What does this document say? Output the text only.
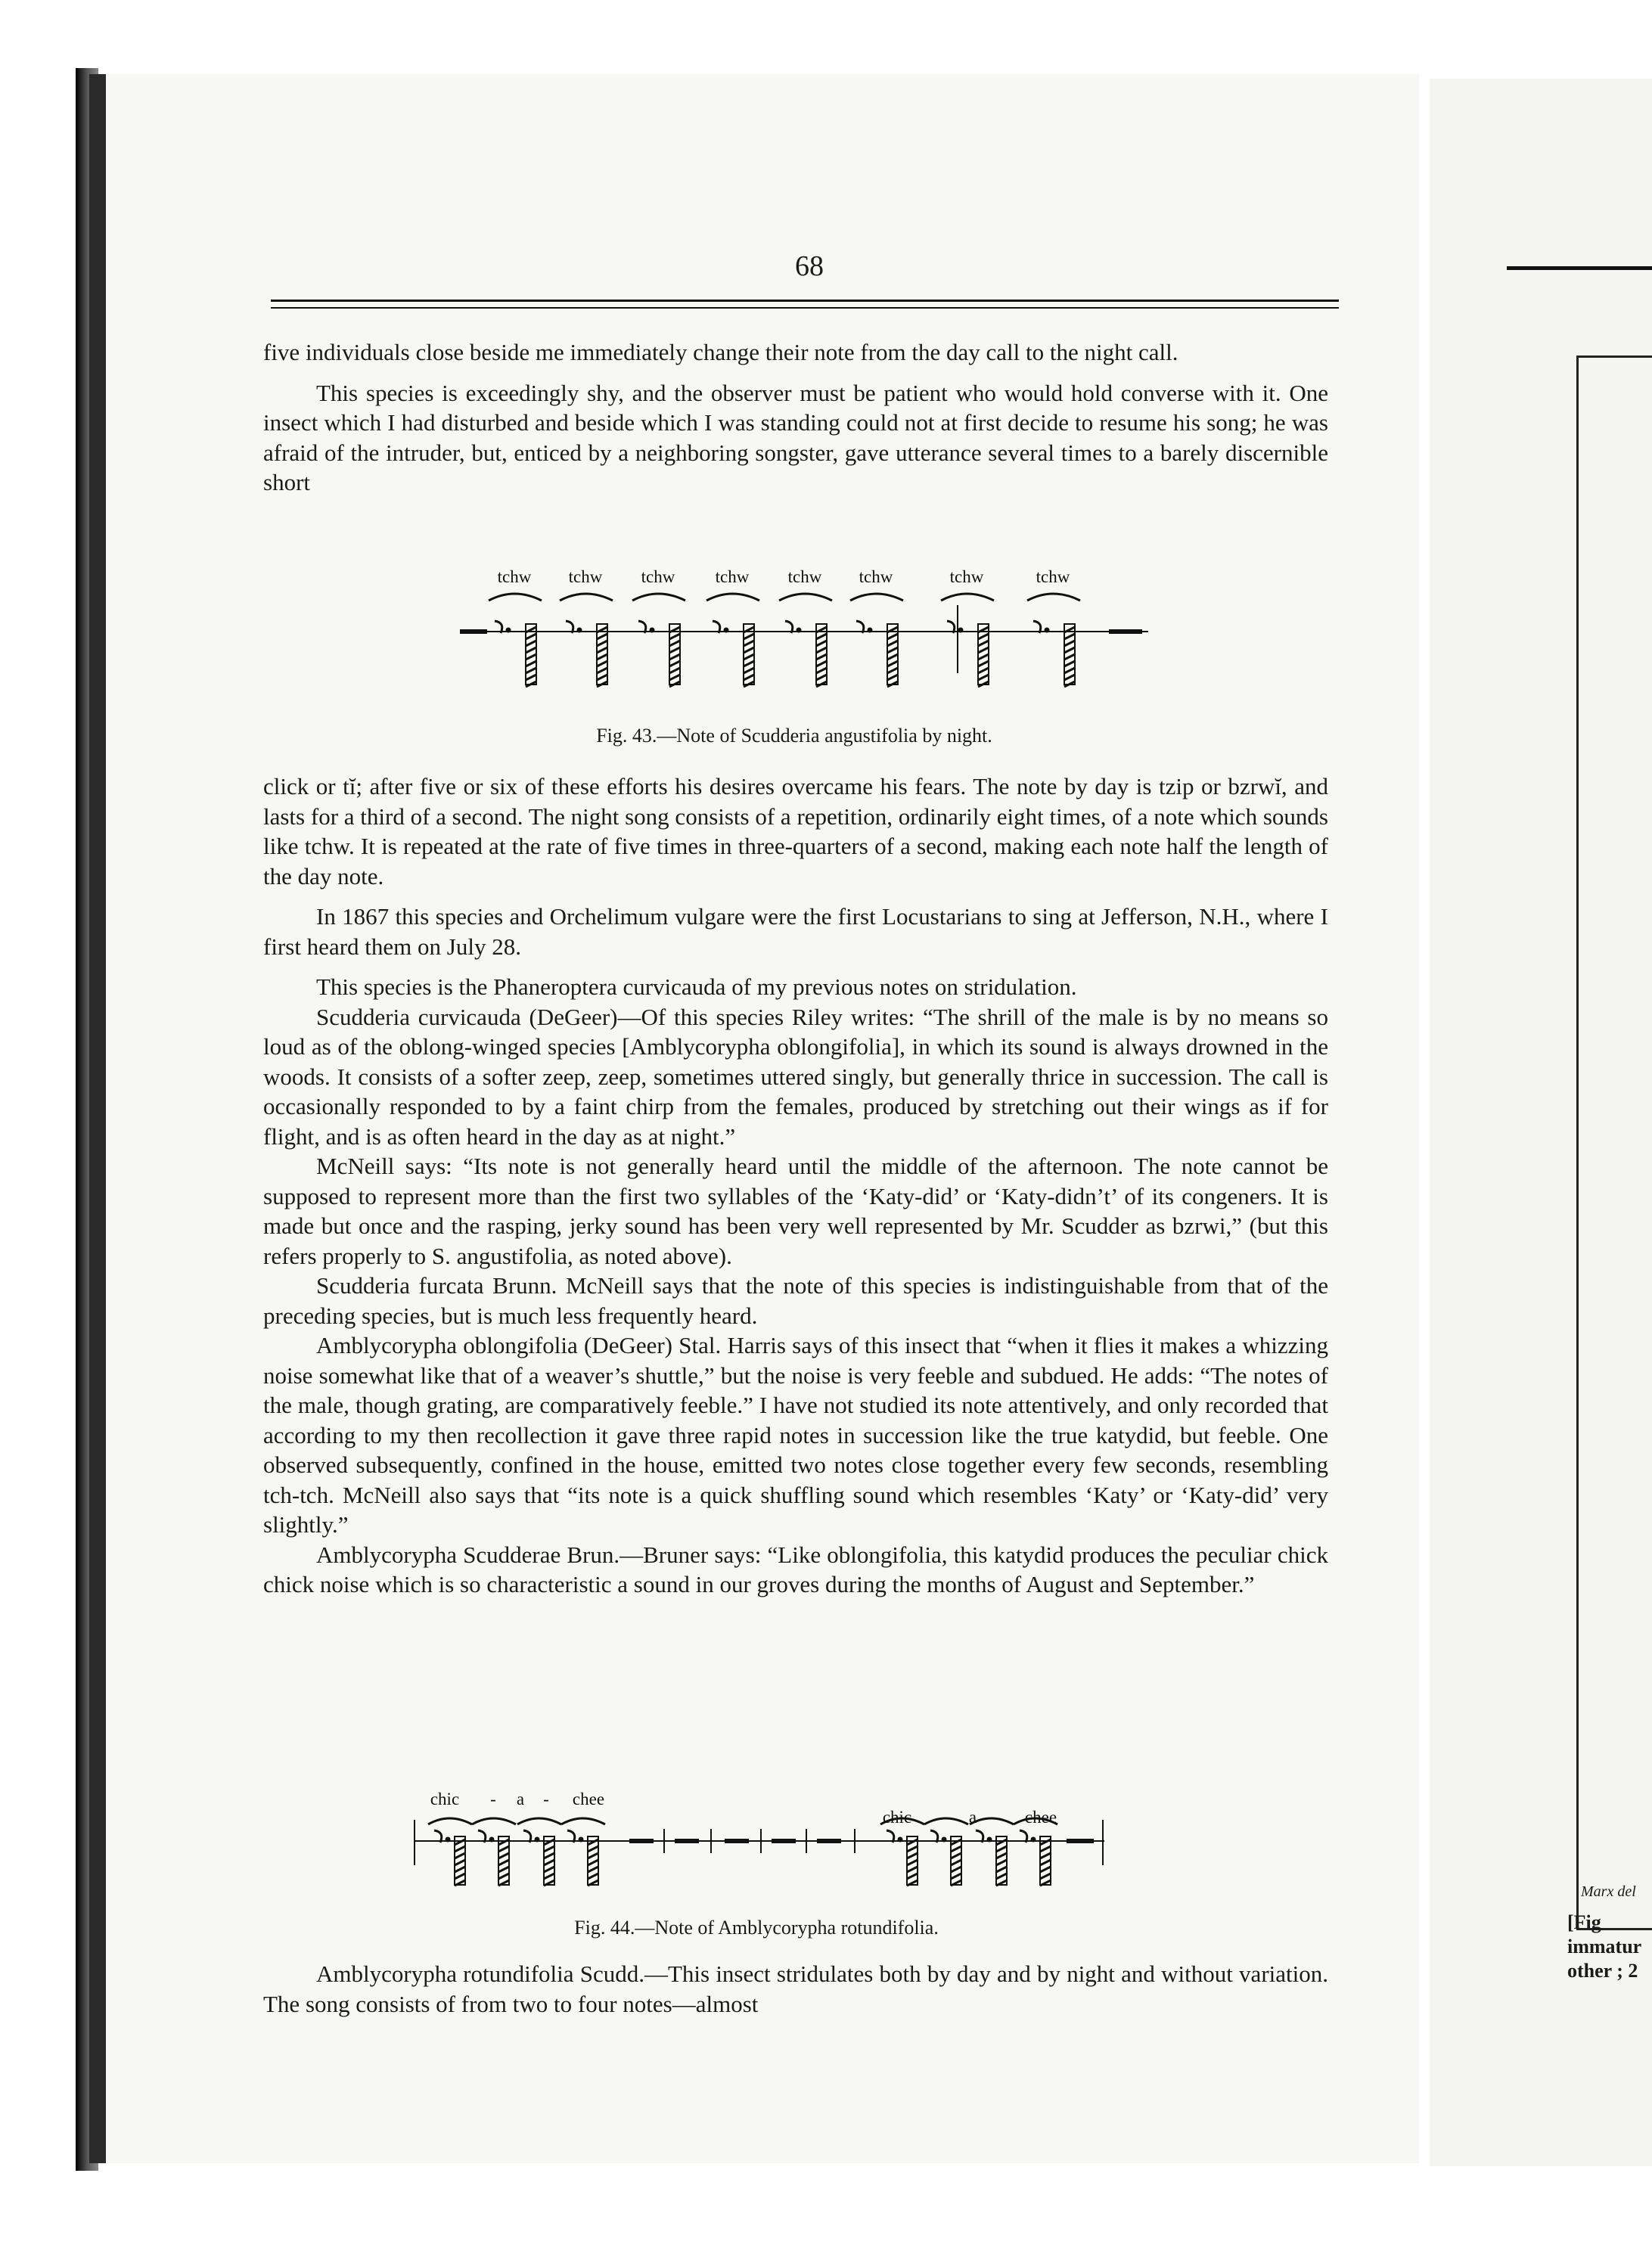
Marx del
[Fig
immatur
other ; 2
68

five individuals close beside me immediately change their note from the day call to the night call.

This species is exceedingly shy, and the observer must be patient who would hold converse with it. One insect which I had disturbed and beside which I was standing could not at first decide to resume his song; he was afraid of the intruder, but, enticed by a neighboring songster, gave utterance several times to a barely discernible short

tchw tchw tchw tchw tchw tchw	tchw	tchw
Fig. 43.—Note of Scudderia angustifolia by night.

click or tĭ; after five or six of these efforts his desires overcame his fears. The note by day is tzip or bzrwĭ, and lasts for a third of a second. The night song consists of a repetition, ordinarily eight times, of a note which sounds like tchw. It is repeated at the rate of five times in three-quarters of a second, making each note half the length of the day note.

In 1867 this species and Orchelimum vulgare were the first Locustarians to sing at Jefferson, N.H., where I first heard them on July 28.

This species is the Phaneroptera curvicauda of my previous notes on stridulation.

Scudderia curvicauda (DeGeer)—Of this species Riley writes: “The shrill of the male is by no means so loud as of the oblong-winged species [Amblycorypha oblongifolia], in which its sound is always drowned in the woods. It consists of a softer zeep, zeep, sometimes uttered singly, but generally thrice in succession. The call is occasionally responded to by a faint chirp from the females, produced by stretching out their wings as if for flight, and is as often heard in the day as at night.”

McNeill says: “Its note is not generally heard until the middle of the afternoon. The note cannot be supposed to represent more than the first two syllables of the ‘Katy-did’ or ‘Katy-didn’t’ of its congeners. It is made but once and the rasping, jerky sound has been very well represented by Mr. Scudder as bzrwi,” (but this refers properly to S. angustifolia, as noted above).

Scudderia furcata Brunn. McNeill says that the note of this species is indistinguishable from that of the preceding species, but is much less frequently heard.

Amblycorypha oblongifolia (DeGeer) Stal. Harris says of this insect that “when it flies it makes a whizzing noise somewhat like that of a weaver’s shuttle,” but the noise is very feeble and subdued. He adds: “The notes of the male, though grating, are comparatively feeble.” I have not studied its note attentively, and only recorded that according to my then recollection it gave three rapid notes in succession like the true katydid, but feeble. One observed subsequently, confined in the house, emitted two notes close together every few seconds, resembling tch-tch. McNeill also says that “its note is a quick shuffling sound which resembles ‘Katy’ or ‘Katy-did’ very slightly.”

Amblycorypha Scudderae Brun.—Bruner says: “Like oblongifolia, this katydid produces the peculiar chick chick noise which is so characteristic a sound in our groves during the months of August and September.”

chic - a - chee
chic - a - chee
Fig. 44.—Note of Amblycorypha rotundifolia.

Amblycorypha rotundifolia Scudd.—This insect stridulates both by day and by night and without variation. The song consists of from two to four notes—almost
